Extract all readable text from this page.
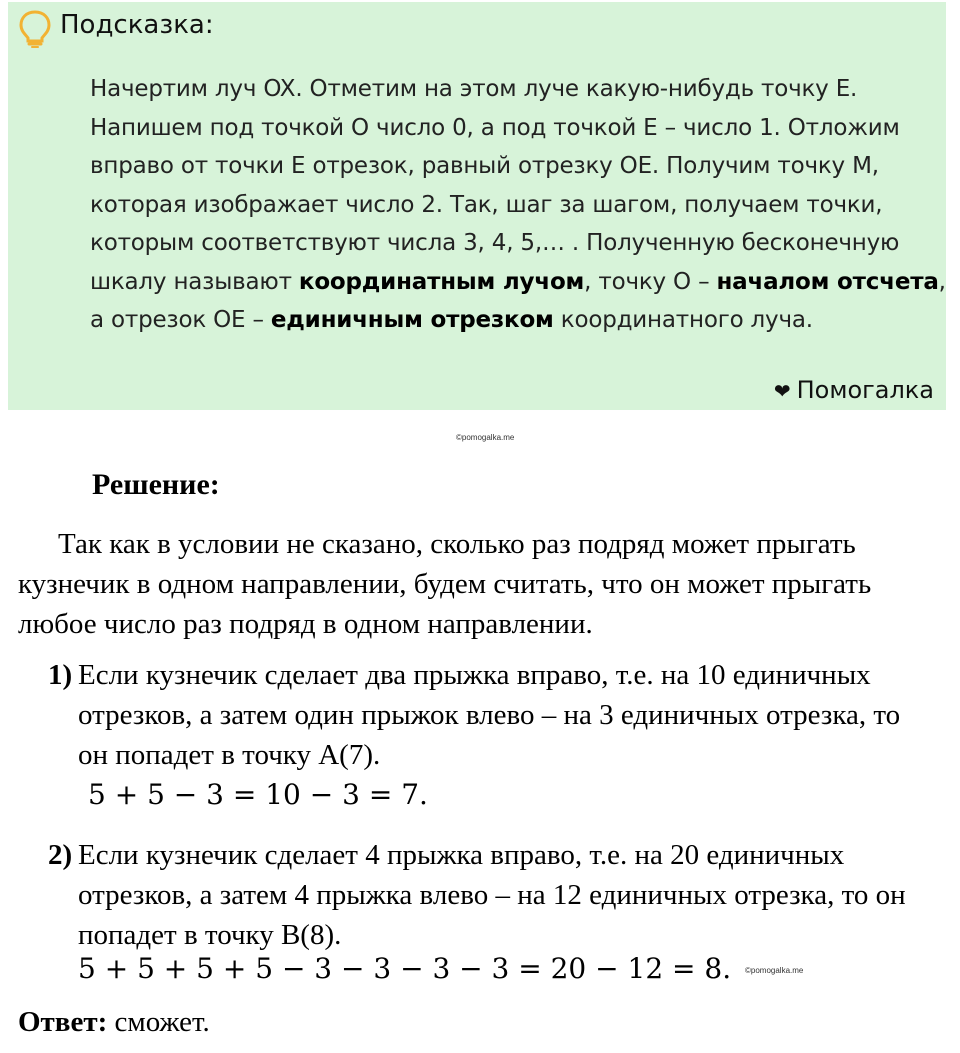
Подсказка:
Начертим луч OX. Отметим на этом луче какую-нибудь точку E. Напишем под точкой O число 0, а под точкой E – число 1. Отложим вправо от точки E отрезок, равный отрезку OE. Получим точку M, которая изображает число 2. Так, шаг за шагом, получаем точки, которым соответствуют числа 3, 4, 5,… . Полученную бесконечную шкалу называют координатным лучом, точку O – началом отсчета, а отрезок OE – единичным отрезком координатного луча.
❤ Помогалка
©pomogalka.me
Решение:
Так как в условии не сказано, сколько раз подряд может прыгать кузнечик в одном направлении, будем считать, что он может прыгать любое число раз подряд в одном направлении.
1) Если кузнечик сделает два прыжка вправо, т.е. на 10 единичных отрезков, а затем один прыжок влево – на 3 единичных отрезка, то он попадет в точку A(7).
5 + 5 − 3 = 10 − 3 = 7.
2) Если кузнечик сделает 4 прыжка вправо, т.е. на 20 единичных отрезков, а затем 4 прыжка влево – на 12 единичных отрезка, то он попадет в точку B(8).
5 + 5 + 5 + 5 − 3 − 3 − 3 − 3 = 20 − 12 = 8. ©pomogalka.me
Ответ: сможет.
